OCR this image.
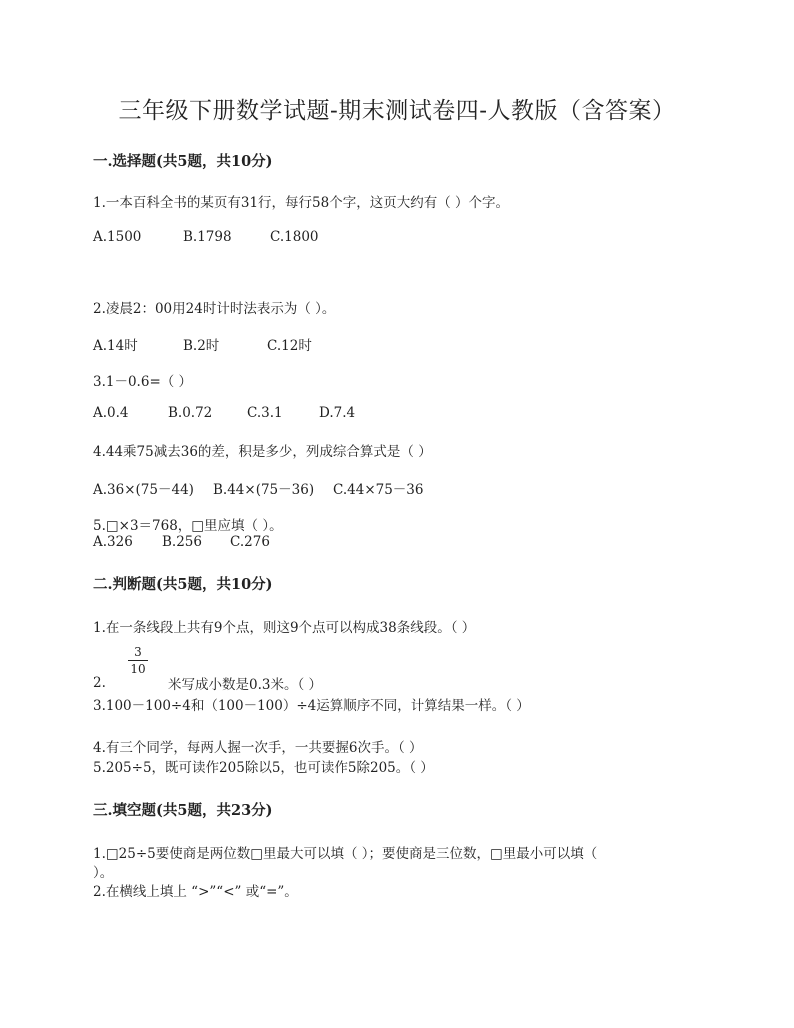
三年级下册数学试题-期末测试卷四-人教版（含答案）
一.选择题(共5题，共10分)
1.一本百科全书的某页有31行，每行58个字，这页大约有（ ）个字。
A.1500	B.1798	C.1800
2.凌晨2：00用24时计时法表示为（ ）。
A.14时	B.2时	C.12时
3.1－0.6=（ ）
A.0.4	B.0.72	C.3.1	D.7.4
4.44乘75减去36的差，积是多少，列成综合算式是（ ）
A.36×(75－44) B.44×(75－36) C.44×75－36
5.□×3＝768，□里应填（ ）。
A.326 B.256 C.276
二.判断题(共5题，共10分)
1.在一条线段上共有9个点，则这9个点可以构成38条线段。（ ）
3
10
2.	米写成小数是0.3米。（ ）
3.100－100÷4和（100－100）÷4运算顺序不同，计算结果一样。（ ）
4.有三个同学，每两人握一次手，一共要握6次手。（ ）
5.205÷5，既可读作205除以5，也可读作5除205。（ ）
三.填空题(共5题，共23分)
1.□25÷5要使商是两位数□里最大可以填（ ）；要使商是三位数，□里最小可以填（
）。
2.在横线上填上 “>”“<” 或“=”。
